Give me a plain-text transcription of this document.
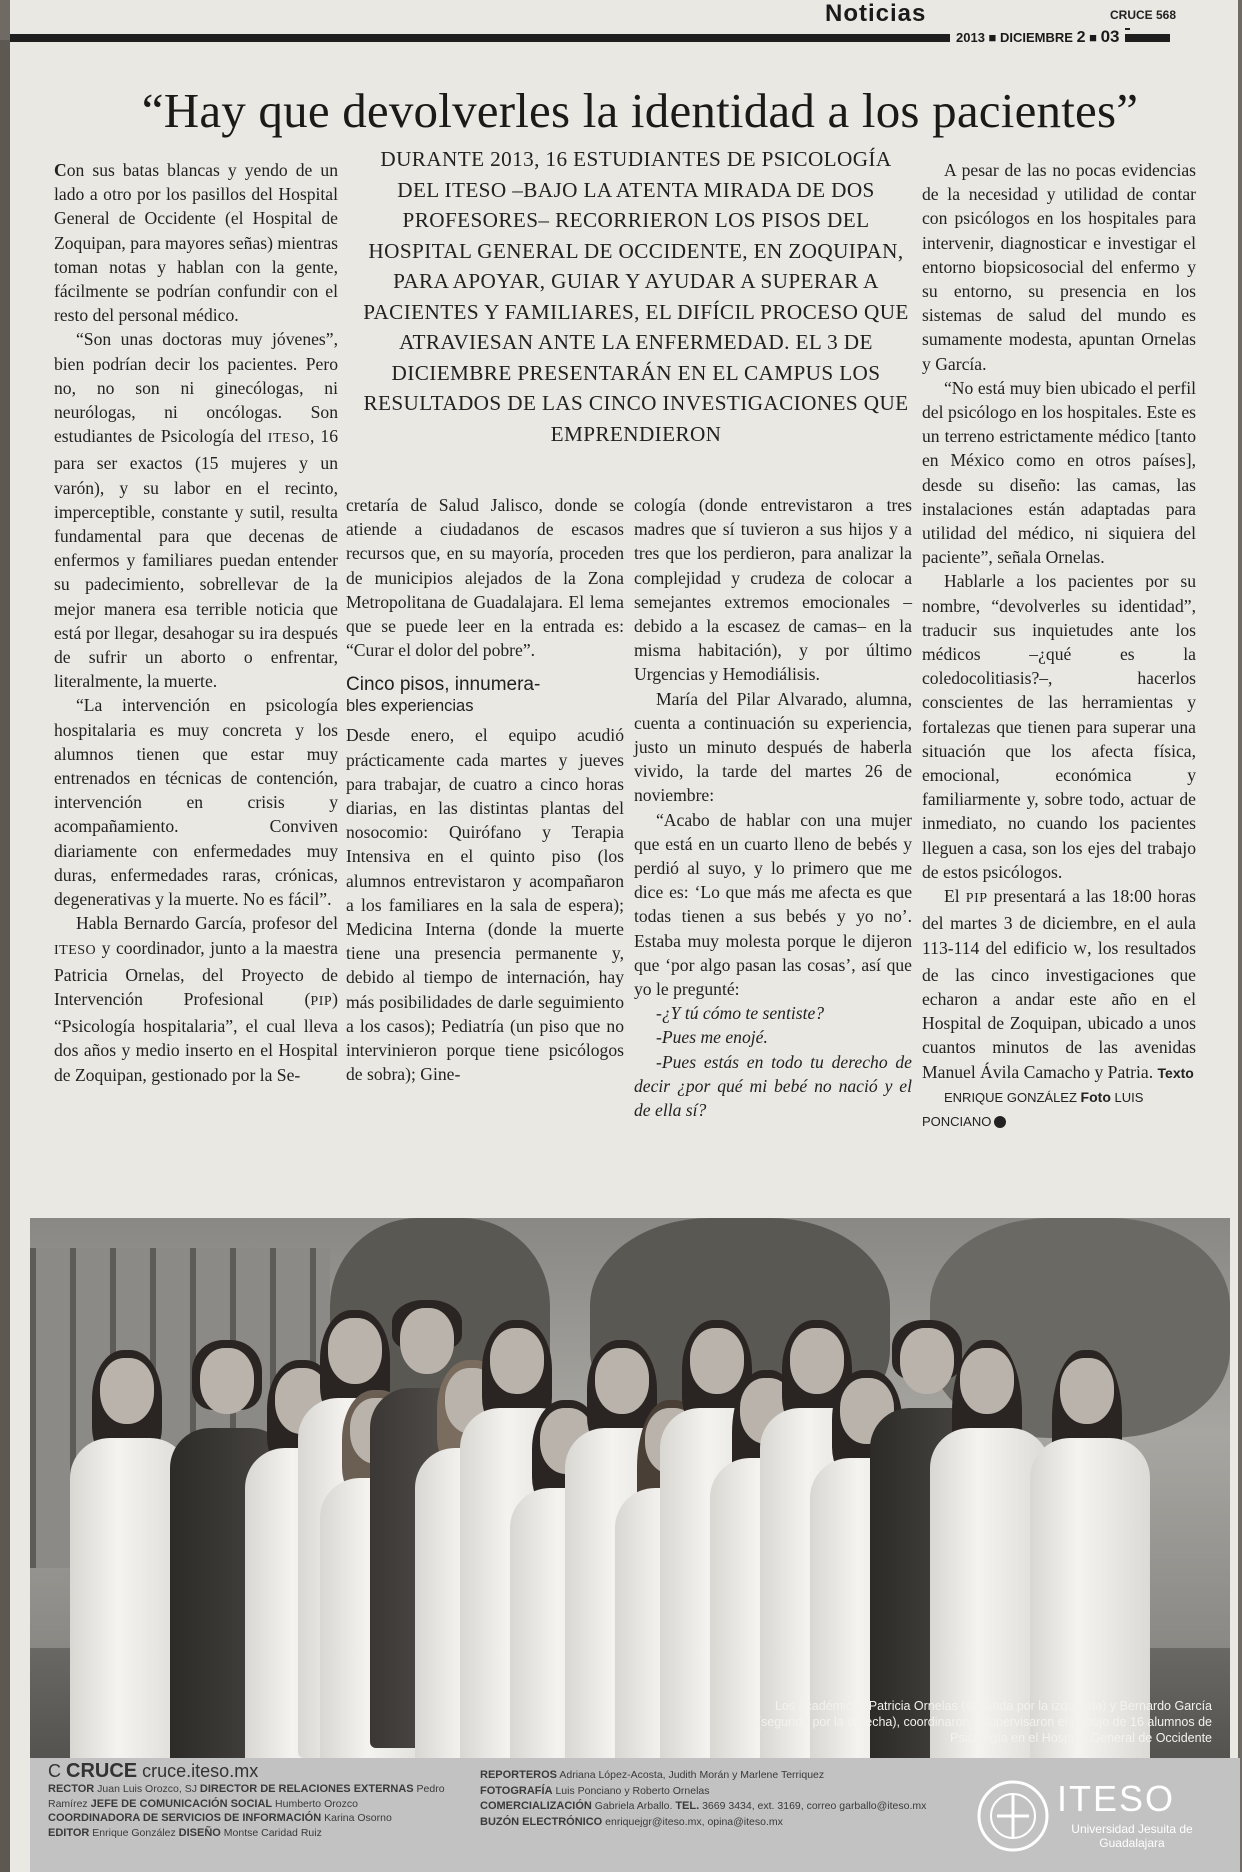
Noticias	CRUCE 568
2013 ■ DICIEMBRE 2 ■ 03
“Hay que devolverles la identidad a los pacientes”
DURANTE 2013, 16 ESTUDIANTES DE PSICOLOGÍA DEL ITESO –BAJO LA ATENTA MIRADA DE DOS PROFESORES– RECORRIERON LOS PISOS DEL HOSPITAL GENERAL DE OCCIDENTE, EN ZOQUIPAN, PARA APOYAR, GUIAR Y AYUDAR A SUPERAR A PACIENTES Y FAMILIARES, EL DIFÍCIL PROCESO QUE ATRAVIESAN ANTE LA ENFERMEDAD. EL 3 DE DICIEMBRE PRESENTARÁN EN EL CAMPUS LOS RESULTADOS DE LAS CINCO INVESTIGACIONES QUE EMPRENDIERON

Con sus batas blancas y yendo de un lado a otro por los pasillos del Hospital General de Occidente (el Hospital de Zoquipan, para mayores señas) mientras toman notas y hablan con la gente, fácilmente se podrían confundir con el resto del personal médico.

“Son unas doctoras muy jóvenes”, bien podrían decir los pacientes. Pero no, no son ni ginecólogas, ni neurólogas, ni oncólogas. Son estudiantes de Psicología del ITESO, 16 para ser exactos (15 mujeres y un varón), y su labor en el recinto, imperceptible, constante y sutil, resulta fundamental para que decenas de enfermos y familiares puedan entender su padecimiento, sobrellevar de la mejor manera esa terrible noticia que está por llegar, desahogar su ira después de sufrir un aborto o enfrentar, literalmente, la muerte.

“La intervención en psicología hospitalaria es muy concreta y los alumnos tienen que estar muy entrenados en técnicas de contención, intervención en crisis y acompañamiento. Conviven diariamente con enfermedades muy duras, enfermedades raras, crónicas, degenerativas y la muerte. No es fácil”.

Habla Bernardo García, profesor del ITESO y coordinador, junto a la maestra Patricia Ornelas, del Proyecto de Intervención Profesional (PIP) “Psicología hospitalaria”, el cual lleva dos años y medio inserto en el Hospital de Zoquipan, gestionado por la Se-

cretaría de Salud Jalisco, donde se atiende a ciudadanos de escasos recursos que, en su mayoría, proceden de municipios alejados de la Zona Metropolitana de Guadalajara. El lema que se puede leer en la entrada es: “Curar el dolor del pobre”.

Cinco pisos, innumera-
bles experiencias

Desde enero, el equipo acudió prácticamente cada martes y jueves para trabajar, de cuatro a cinco horas diarias, en las distintas plantas del nosocomio: Quirófano y Terapia Intensiva en el quinto piso (los alumnos entrevistaron y acompañaron a los familiares en la sala de espera); Medicina Interna (donde la muerte tiene una presencia permanente y, debido al tiempo de internación, hay más posibilidades de darle seguimiento a los casos); Pediatría (un piso que no intervinieron porque tiene psicólogos de sobra); Gine-

cología (donde entrevistaron a tres madres que sí tuvieron a sus hijos y a tres que los perdieron, para analizar la complejidad y crudeza de colocar a semejantes extremos emocionales –debido a la escasez de camas– en la misma habitación), y por último Urgencias y Hemodiálisis.

María del Pilar Alvarado, alumna, cuenta a continuación su experiencia, justo un minuto después de haberla vivido, la tarde del martes 26 de noviembre:

“Acabo de hablar con una mujer que está en un cuarto lleno de bebés y perdió al suyo, y lo primero que me dice es: ‘Lo que más me afecta es que todas tienen a sus bebés y yo no’. Estaba muy molesta porque le dijeron que ‘por algo pasan las cosas’, así que yo le pregunté:

-¿Y tú cómo te sentiste?

-Pues me enojé.

-Pues estás en todo tu derecho de decir ¿por qué mi bebé no nació y el de ella sí?

A pesar de las no pocas evidencias de la necesidad y utilidad de contar con psicólogos en los hospitales para intervenir, diagnosticar e investigar el entorno biopsicosocial del enfermo y su entorno, su presencia en los sistemas de salud del mundo es sumamente modesta, apuntan Ornelas y García.

“No está muy bien ubicado el perfil del psicólogo en los hospitales. Este es un terreno estrictamente médico [tanto en México como en otros países], desde su diseño: las camas, las instalaciones están adaptadas para utilidad del médico, ni siquiera del paciente”, señala Ornelas.

Hablarle a los pacientes por su nombre, “devolverles su identidad”, traducir sus inquietudes ante los médicos –¿qué es la coledocolitiasis?–, hacerlos conscientes de las herramientas y fortalezas que tienen para superar una situación que los afecta física, emocional, económica y familiarmente y, sobre todo, actuar de inmediato, no cuando los pacientes lleguen a casa, son los ejes del trabajo de estos psicólogos.

El PIP presentará a las 18:00 horas del martes 3 de diciembre, en el aula 113-114 del edificio W, los resultados de las cinco investigaciones que echaron a andar este año en el Hospital de Zoquipan, ubicado a unos cuantos minutos de las avenidas Manuel Ávila Camacho y Patria. Texto

ENRIQUE GONZÁLEZ Foto LUIS PONCIANO

Los académicos Patricia Ornelas (segunda por la izquierda) y Bernardo García (segundo por la derecha), coordinaron y supervisaron el trabajo de 16 alumnos de Psicología en el Hospital General de Occidente
C CRUCE cruce.iteso.mx
RECTOR Juan Luis Orozco, SJ DIRECTOR DE RELACIONES EXTERNAS Pedro Ramírez JEFE DE COMUNICACIÓN SOCIAL Humberto Orozco
COORDINADORA DE SERVICIOS DE INFORMACIÓN Karina Osorno
EDITOR Enrique González DISEÑO Montse Caridad Ruiz
REPORTEROS Adriana López-Acosta, Judith Morán y Marlene Terriquez
FOTOGRAFÍA Luis Ponciano y Roberto Ornelas
COMERCIALIZACIÓN Gabriela Arballo. TEL. 3669 3434, ext. 3169, correo garballo@iteso.mx
BUZÓN ELECTRÓNICO enriquejgr@iteso.mx, opina@iteso.mx
ITESO
Universidad Jesuita de Guadalajara
